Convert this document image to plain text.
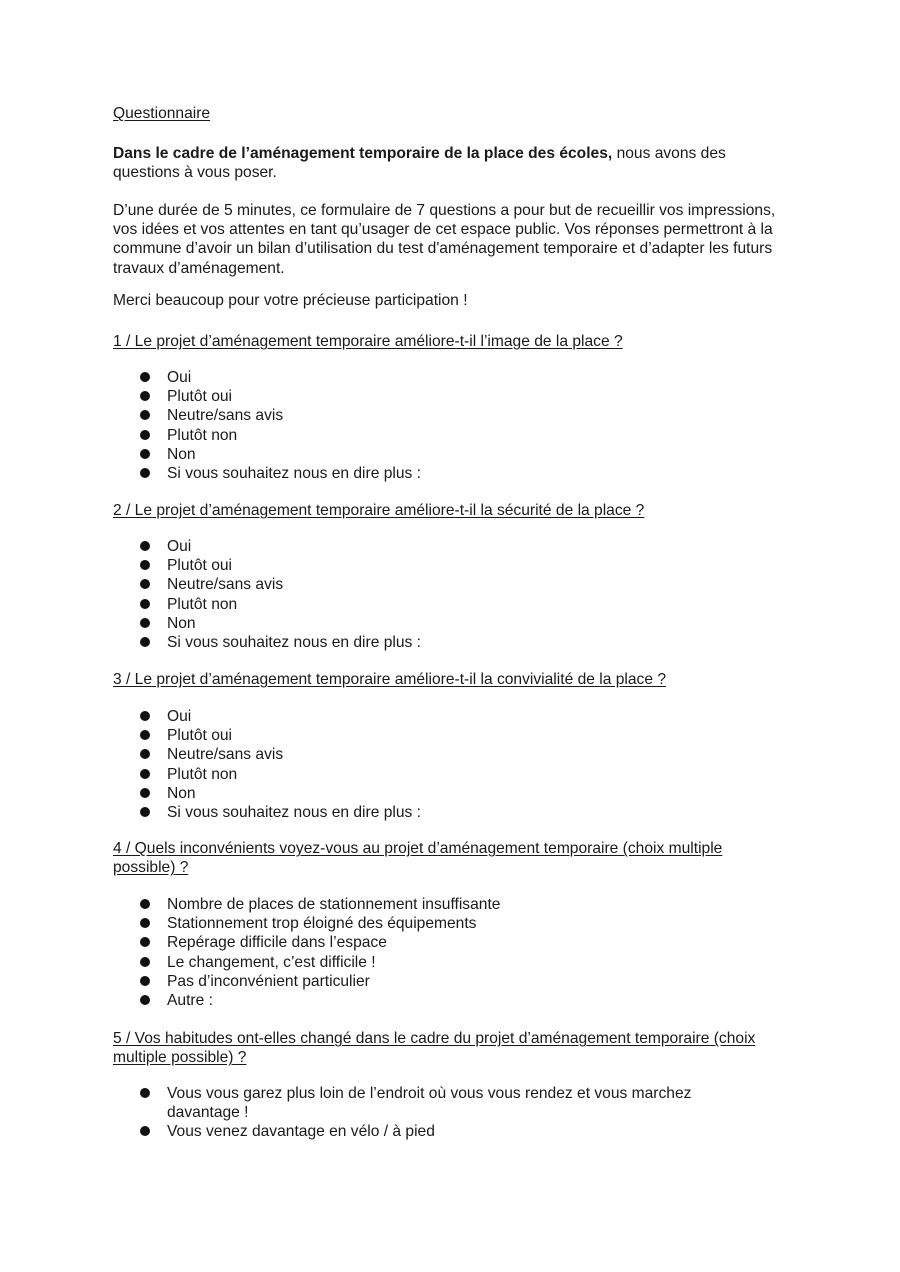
Questionnaire
Dans le cadre de l’aménagement temporaire de la place des écoles, nous avons des questions à vous poser.
D’une durée de 5 minutes, ce formulaire de 7 questions a pour but de recueillir vos impressions, vos idées et vos attentes en tant qu’usager de cet espace public. Vos réponses permettront à la commune d’avoir un bilan d’utilisation du test d'aménagement temporaire et d’adapter les futurs travaux d’aménagement.
Merci beaucoup pour votre précieuse participation !
1 / Le projet d’aménagement temporaire améliore-t-il l’image de la place ?
Oui
Plutôt oui
Neutre/sans avis
Plutôt non
Non
Si vous souhaitez nous en dire plus :
2 / Le projet d’aménagement temporaire améliore-t-il la sécurité de la place ?
Oui
Plutôt oui
Neutre/sans avis
Plutôt non
Non
Si vous souhaitez nous en dire plus :
3 / Le projet d’aménagement temporaire améliore-t-il la convivialité de la place ?
Oui
Plutôt oui
Neutre/sans avis
Plutôt non
Non
Si vous souhaitez nous en dire plus :
4 / Quels inconvénients voyez-vous au projet d’aménagement temporaire (choix multiple possible) ?
Nombre de places de stationnement insuffisante
Stationnement trop éloigné des équipements
Repérage difficile dans l’espace
Le changement, c’est difficile !
Pas d’inconvénient particulier
Autre :
5 / Vos habitudes ont-elles changé dans le cadre du projet d’aménagement temporaire (choix multiple possible) ?
Vous vous garez plus loin de l’endroit où vous vous rendez et vous marchez davantage !
Vous venez davantage en vélo / à pied
